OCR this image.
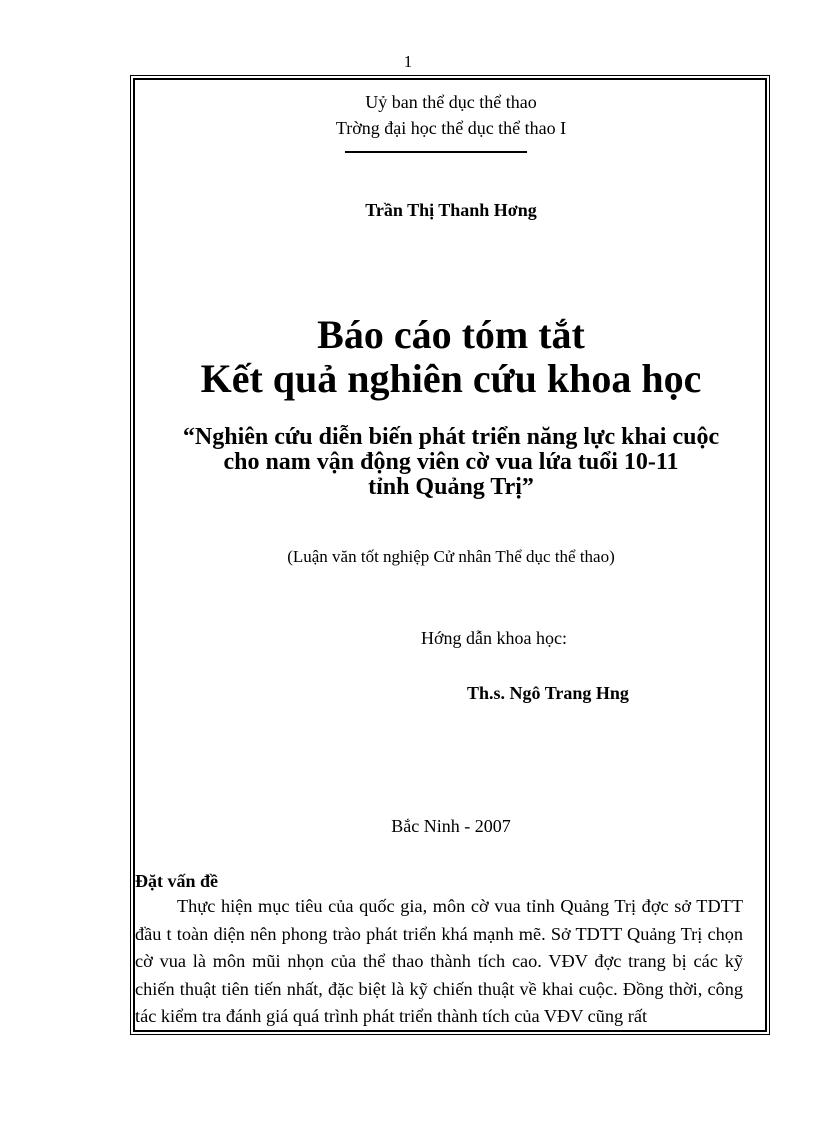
1
Uỷ ban thể dục thể thao
Trờng đại học thể dục thể thao I
Trần Thị Thanh Hơng
Báo cáo tóm tắt
Kết quả nghiên cứu khoa học
“Nghiên cứu diễn biến phát triển năng lực khai cuộc
cho nam vận động viên cờ vua lứa tuổi 10-11
tỉnh Quảng Trị”
(Luận văn tốt nghiệp Cử nhân Thể dục thể thao)
Hớng dẫn khoa học:
Th.s. Ngô Trang Hng
Bắc Ninh - 2007
Đặt vấn đề

Thực hiện mục tiêu của quốc gia, môn cờ vua tỉnh Quảng Trị đợc sở TDTT đầu t toàn diện nên phong trào phát triển khá mạnh mẽ. Sở TDTT Quảng Trị chọn cờ vua là môn mũi nhọn của thể thao thành tích cao. VĐV đợc trang bị các kỹ chiến thuật tiên tiến nhất, đặc biệt là kỹ chiến thuật về khai cuộc. Đồng thời, công tác kiểm tra đánh giá quá trình phát triển thành tích của VĐV cũng rất
